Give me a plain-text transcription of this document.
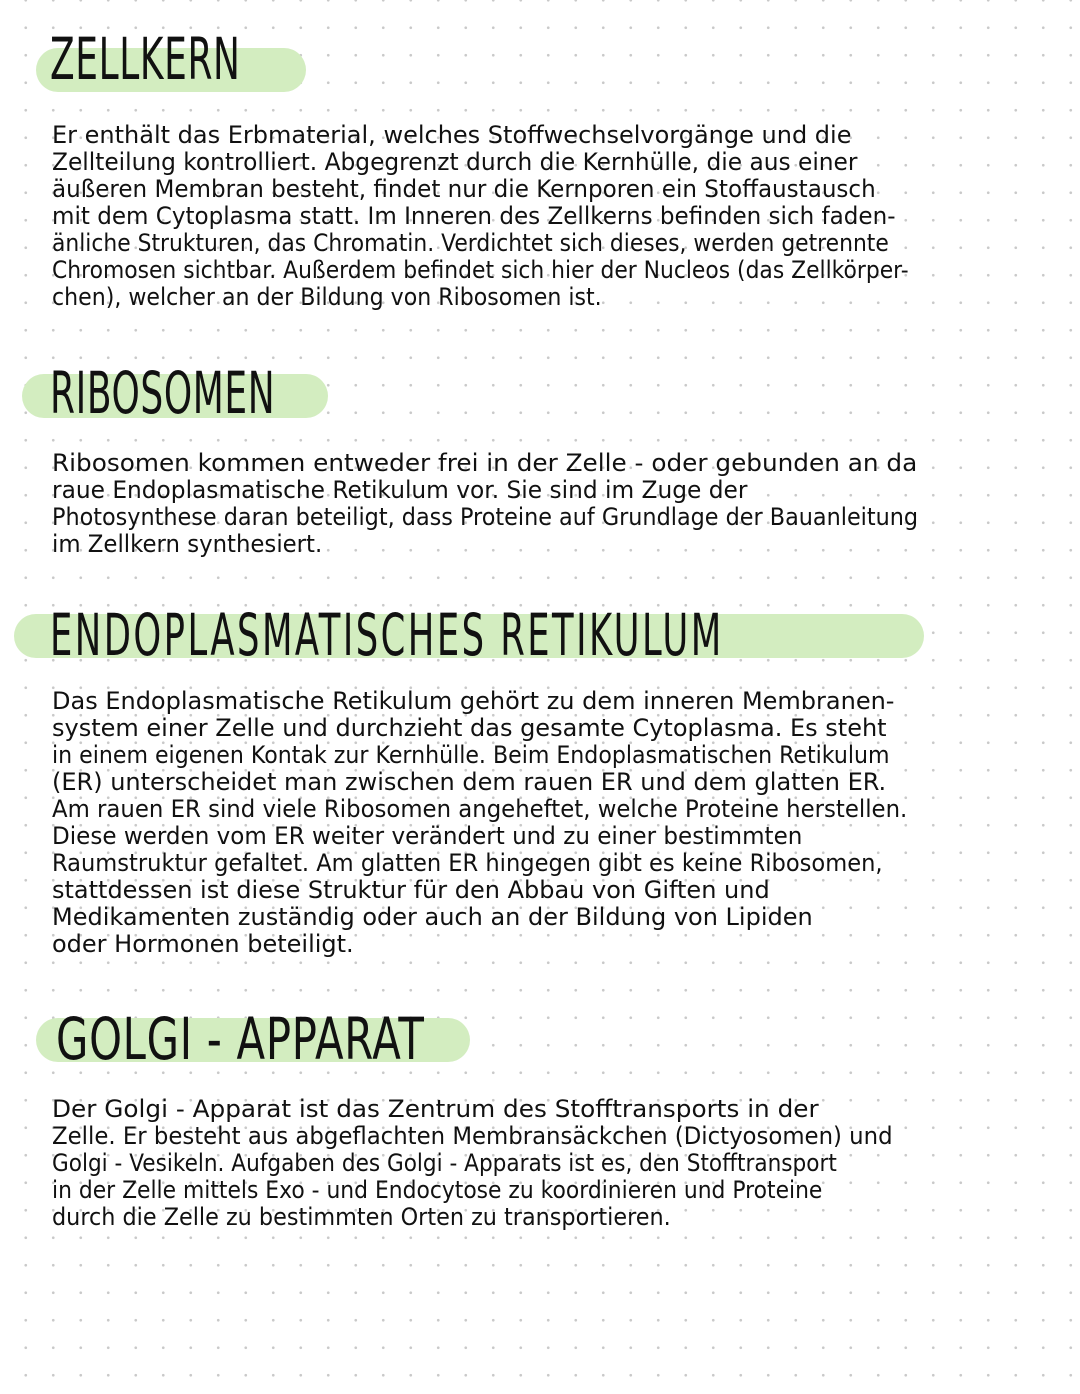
ZELLKERN
Er enthält das Erbmaterial, welches Stoffwechselvorgänge und die
Zellteilung kontrolliert. Abgegrenzt durch die Kernhülle, die aus einer
äußeren Membran besteht, findet nur die Kernporen ein Stoffaustausch
mit dem Cytoplasma statt. Im Inneren des Zellkerns befinden sich faden-
änliche Strukturen, das Chromatin. Verdichtet sich dieses, werden getrennte
Chromosen sichtbar. Außerdem befindet sich hier der Nucleos (das Zellkörper-
chen), welcher an der Bildung von Ribosomen ist.
RIBOSOMEN
Ribosomen kommen entweder frei in der Zelle - oder gebunden an da
raue Endoplasmatische Retikulum vor. Sie sind im Zuge der
Photosynthese daran beteiligt, dass Proteine auf Grundlage der Bauanleitung
im Zellkern synthesiert.
ENDOPLASMATISCHES RETIKULUM
Das Endoplasmatische Retikulum gehört zu dem inneren Membranen-
system einer Zelle und durchzieht das gesamte Cytoplasma. Es steht
in einem eigenen Kontak zur Kernhülle. Beim Endoplasmatischen Retikulum
(ER) unterscheidet man zwischen dem rauen ER und dem glatten ER.
Am rauen ER sind viele Ribosomen angeheftet, welche Proteine herstellen.
Diese werden vom ER weiter verändert und zu einer bestimmten
Raumstruktur gefaltet. Am glatten ER hingegen gibt es keine Ribosomen,
stattdessen ist diese Struktur für den Abbau von Giften und
Medikamenten zuständig oder auch an der Bildung von Lipiden
oder Hormonen beteiligt.
GOLGI - APPARAT
Der Golgi - Apparat ist das Zentrum des Stofftransports in der
Zelle. Er besteht aus abgeflachten Membransäckchen (Dictyosomen) und
Golgi - Vesikeln. Aufgaben des Golgi - Apparats ist es, den Stofftransport
in der Zelle mittels Exo - und Endocytose zu koordinieren und Proteine
durch die Zelle zu bestimmten Orten zu transportieren.
